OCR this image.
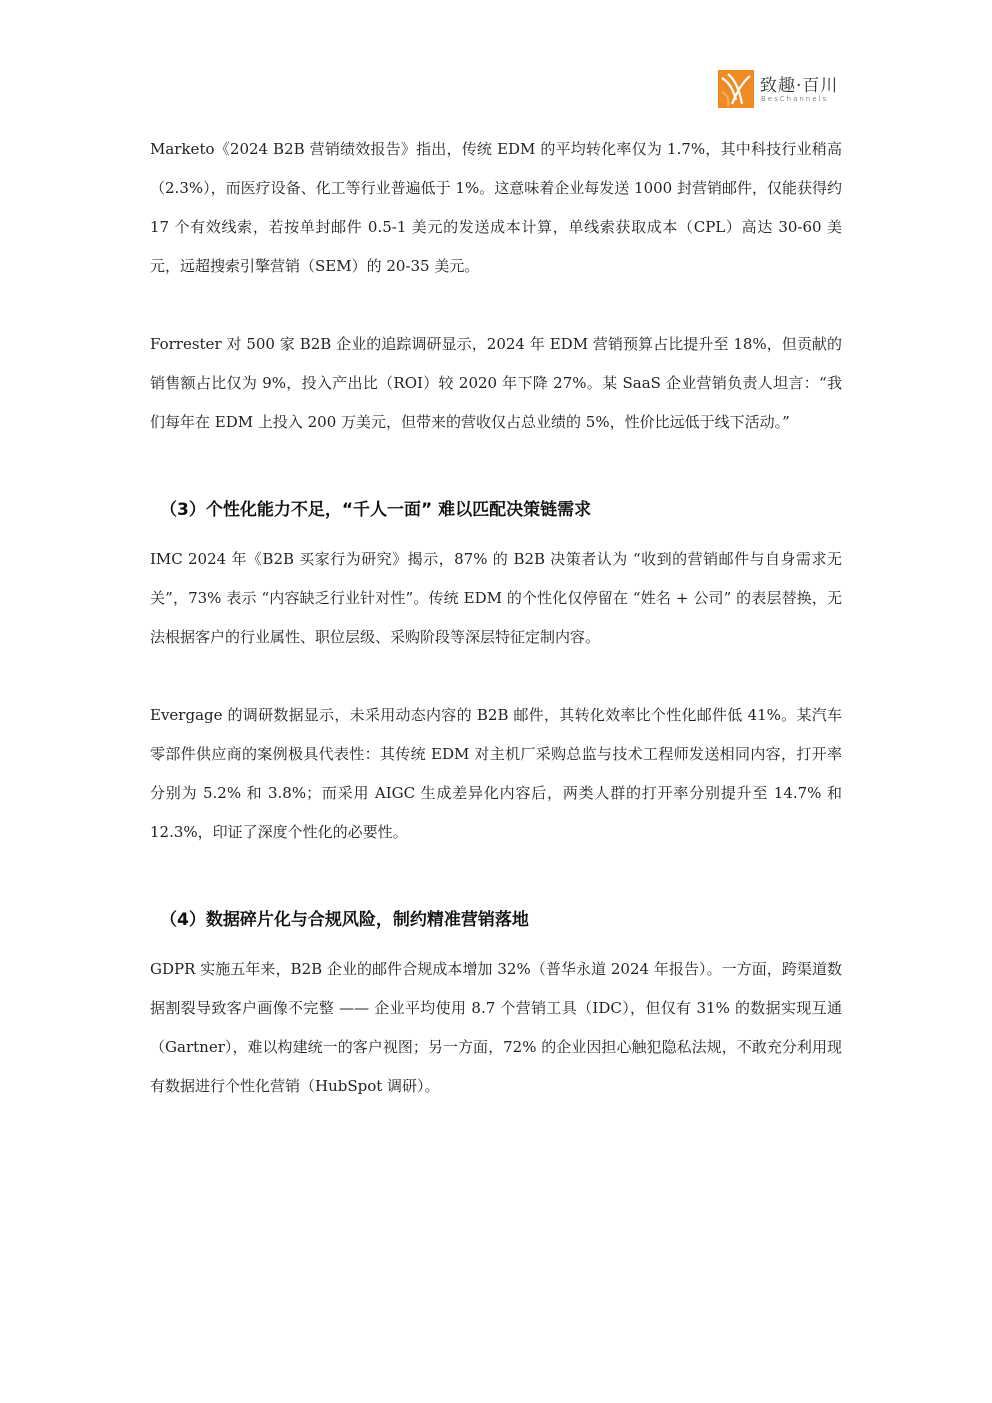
致趣·百川
BesChannels

Marketo《2024 B2B 营销绩效报告》指出，传统 EDM 的平均转化率仅为 1.7%，其中科技行业稍高（2.3%），而医疗设备、化工等行业普遍低于 1%。这意味着企业每发送 1000 封营销邮件，仅能获得约 17 个有效线索，若按单封邮件 0.5-1 美元的发送成本计算，单线索获取成本（CPL）高达 30-60 美元，远超搜索引擎营销（SEM）的 20-35 美元。

Forrester 对 500 家 B2B 企业的追踪调研显示，2024 年 EDM 营销预算占比提升至 18%，但贡献的销售额占比仅为 9%，投入产出比（ROI）较 2020 年下降 27%。某 SaaS 企业营销负责人坦言：“我们每年在 EDM 上投入 200 万美元，但带来的营收仅占总业绩的 5%，性价比远低于线下活动。”

（3）个性化能力不足，“千人一面” 难以匹配决策链需求

IMC 2024 年《B2B 买家行为研究》揭示，87% 的 B2B 决策者认为 “收到的营销邮件与自身需求无关”，73% 表示 “内容缺乏行业针对性”。传统 EDM 的个性化仅停留在 “姓名 + 公司” 的表层替换，无法根据客户的行业属性、职位层级、采购阶段等深层特征定制内容。

Evergage 的调研数据显示，未采用动态内容的 B2B 邮件，其转化效率比个性化邮件低 41%。某汽车零部件供应商的案例极具代表性：其传统 EDM 对主机厂采购总监与技术工程师发送相同内容，打开率分别为 5.2% 和 3.8%；而采用 AIGC 生成差异化内容后，两类人群的打开率分别提升至 14.7% 和 12.3%，印证了深度个性化的必要性。

（4）数据碎片化与合规风险，制约精准营销落地

GDPR 实施五年来，B2B 企业的邮件合规成本增加 32%（普华永道 2024 年报告）。一方面，跨渠道数据割裂导致客户画像不完整 —— 企业平均使用 8.7 个营销工具（IDC），但仅有 31% 的数据实现互通（Gartner），难以构建统一的客户视图；另一方面，72% 的企业因担心触犯隐私法规，不敢充分利用现有数据进行个性化营销（HubSpot 调研）。
